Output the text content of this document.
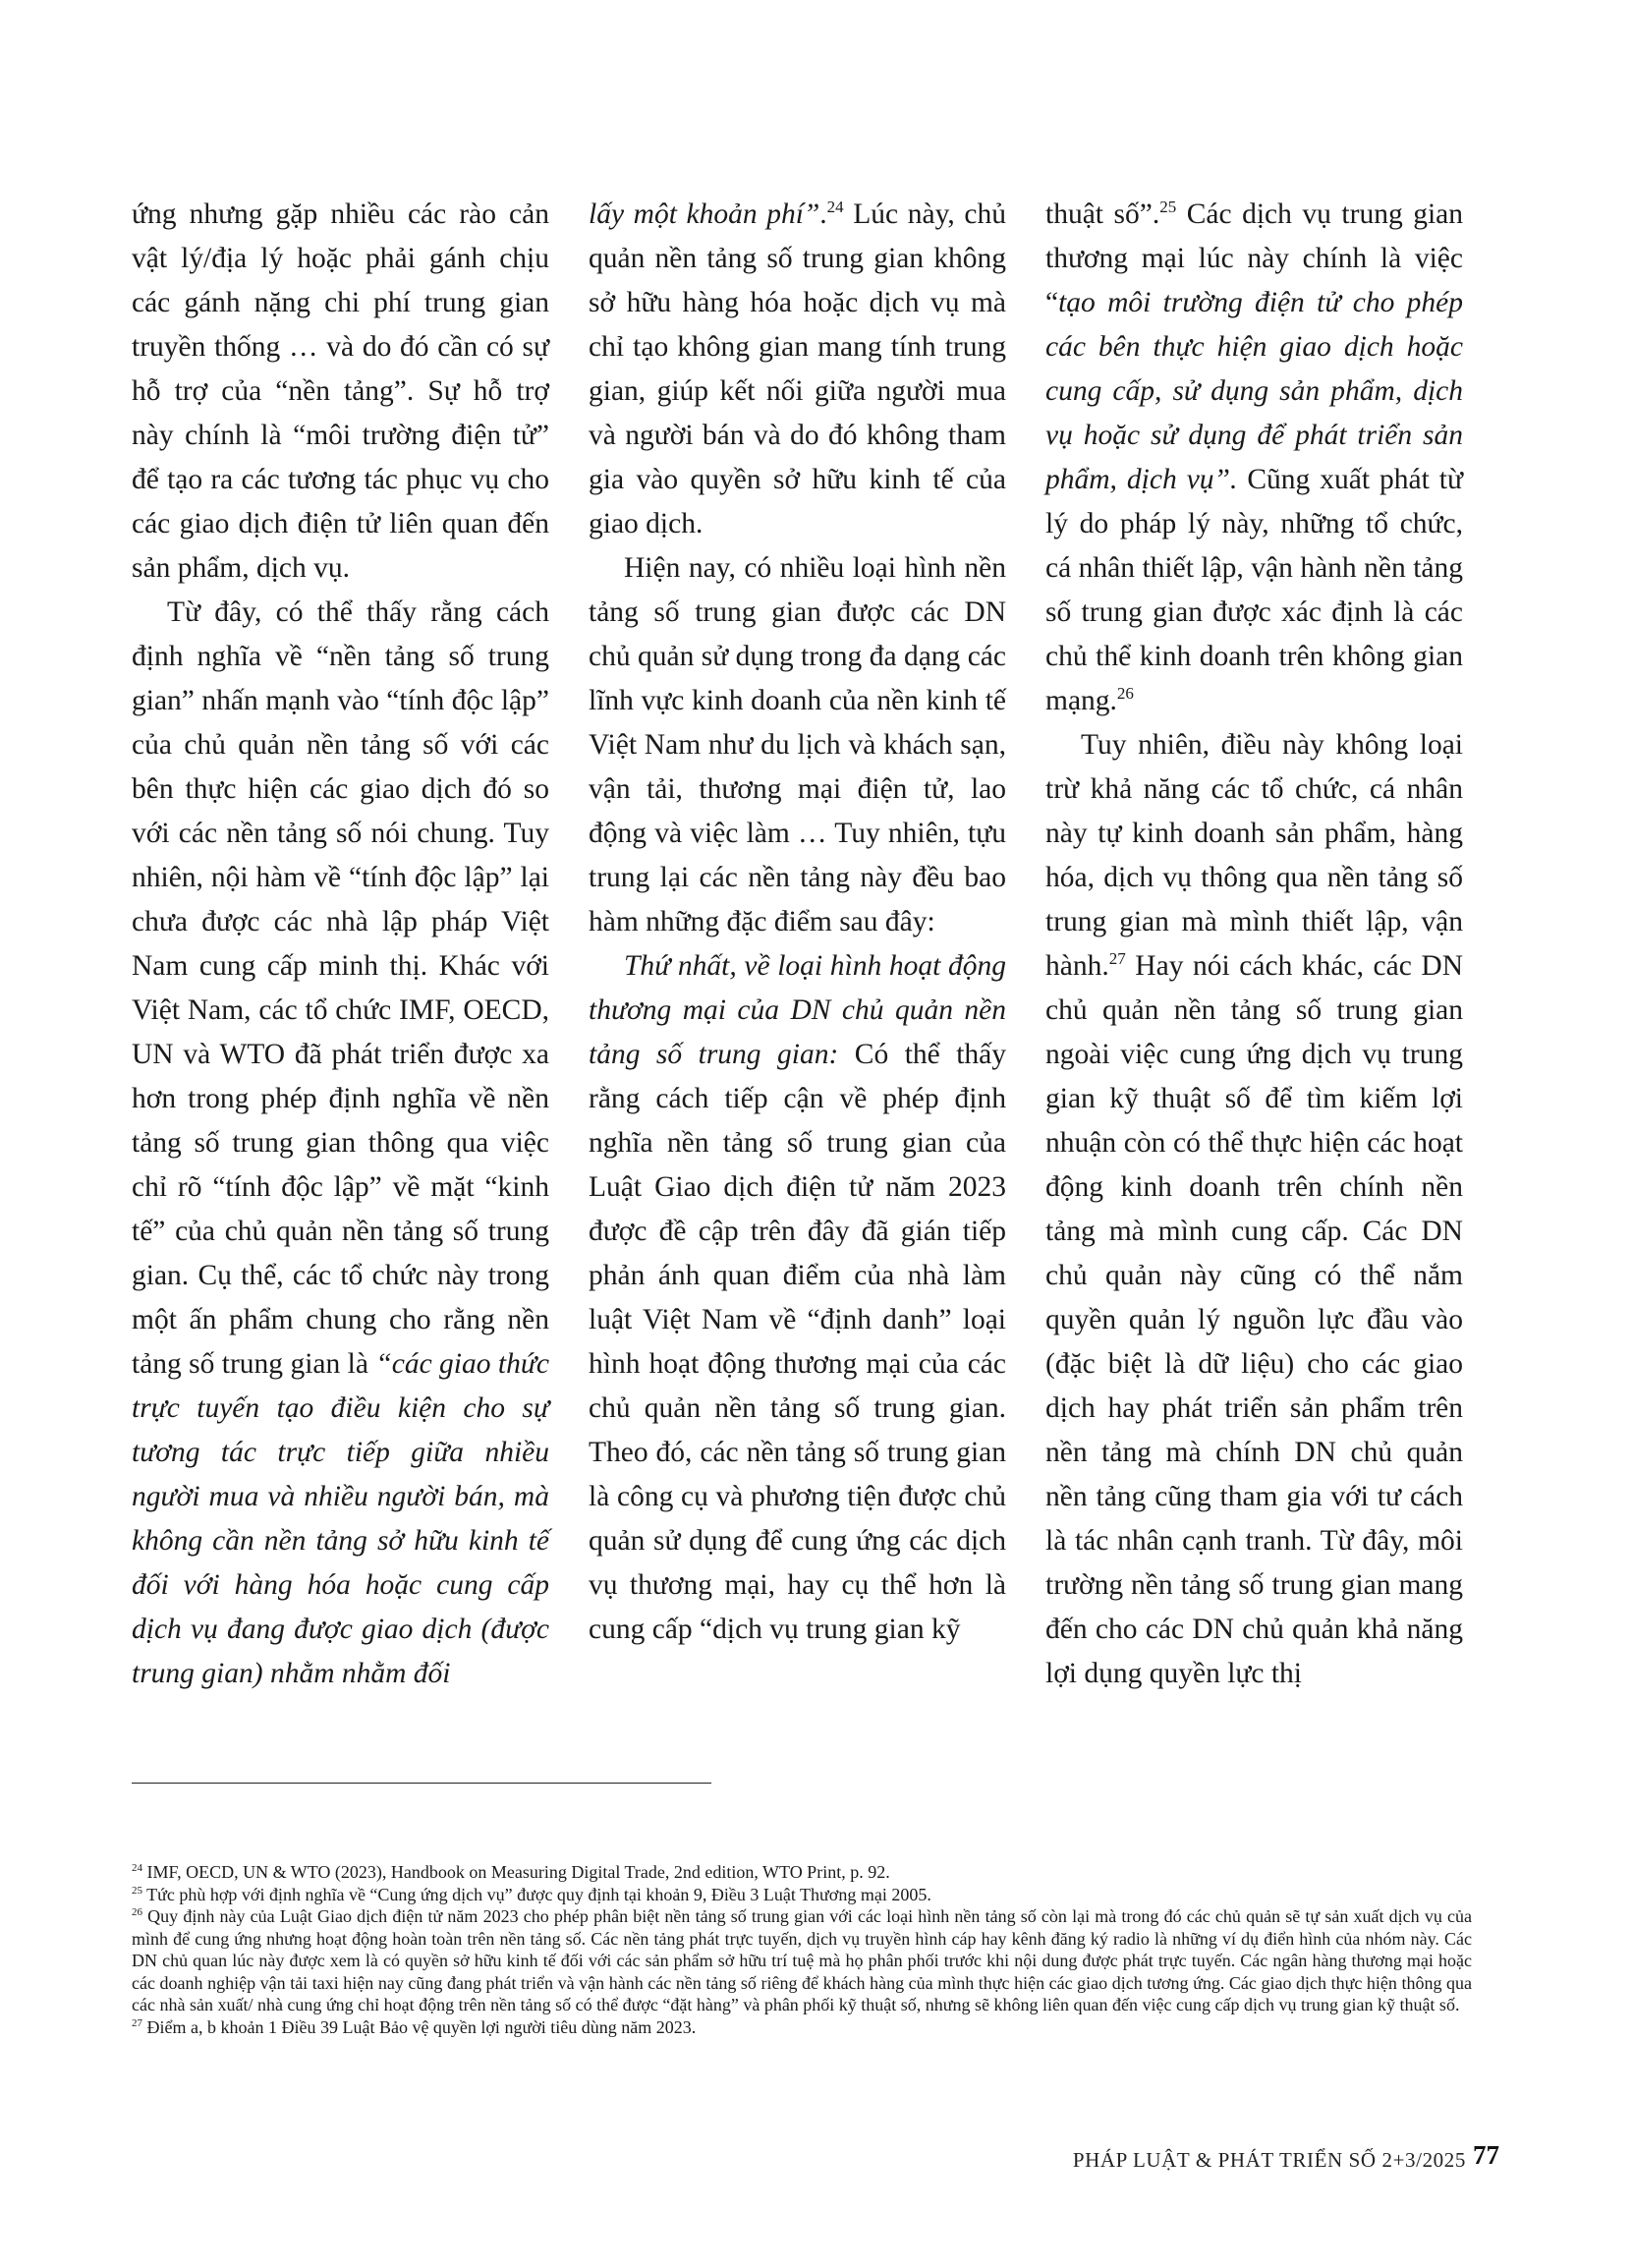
ứng nhưng gặp nhiều các rào cản vật lý/địa lý hoặc phải gánh chịu các gánh nặng chi phí trung gian truyền thống … và do đó cần có sự hỗ trợ của “nền tảng”. Sự hỗ trợ này chính là “môi trường điện tử” để tạo ra các tương tác phục vụ cho các giao dịch điện tử liên quan đến sản phẩm, dịch vụ.

Từ đây, có thể thấy rằng cách định nghĩa về “nền tảng số trung gian” nhấn mạnh vào “tính độc lập” của chủ quản nền tảng số với các bên thực hiện các giao dịch đó so với các nền tảng số nói chung. Tuy nhiên, nội hàm về “tính độc lập” lại chưa được các nhà lập pháp Việt Nam cung cấp minh thị. Khác với Việt Nam, các tổ chức IMF, OECD, UN và WTO đã phát triển được xa hơn trong phép định nghĩa về nền tảng số trung gian thông qua việc chỉ rõ “tính độc lập” về mặt “kinh tế” của chủ quản nền tảng số trung gian. Cụ thể, các tổ chức này trong một ấn phẩm chung cho rằng nền tảng số trung gian là “các giao thức trực tuyến tạo điều kiện cho sự tương tác trực tiếp giữa nhiều người mua và nhiều người bán, mà không cần nền tảng sở hữu kinh tế đối với hàng hóa hoặc cung cấp dịch vụ đang được giao dịch (được trung gian) nhằm nhằm đối

lấy một khoản phí”.$^{24}$ Lúc này, chủ quản nền tảng số trung gian không sở hữu hàng hóa hoặc dịch vụ mà chỉ tạo không gian mang tính trung gian, giúp kết nối giữa người mua và người bán và do đó không tham gia vào quyền sở hữu kinh tế của giao dịch.

Hiện nay, có nhiều loại hình nền tảng số trung gian được các DN chủ quản sử dụng trong đa dạng các lĩnh vực kinh doanh của nền kinh tế Việt Nam như du lịch và khách sạn, vận tải, thương mại điện tử, lao động và việc làm … Tuy nhiên, tựu trung lại các nền tảng này đều bao hàm những đặc điểm sau đây:

Thứ nhất, về loại hình hoạt động thương mại của DN chủ quản nền tảng số trung gian: Có thể thấy rằng cách tiếp cận về phép định nghĩa nền tảng số trung gian của Luật Giao dịch điện tử năm 2023 được đề cập trên đây đã gián tiếp phản ánh quan điểm của nhà làm luật Việt Nam về “định danh” loại hình hoạt động thương mại của các chủ quản nền tảng số trung gian. Theo đó, các nền tảng số trung gian là công cụ và phương tiện được chủ quản sử dụng để cung ứng các dịch vụ thương mại, hay cụ thể hơn là cung cấp “dịch vụ trung gian kỹ

thuật số”.$^{25}$ Các dịch vụ trung gian thương mại lúc này chính là việc “tạo môi trường điện tử cho phép các bên thực hiện giao dịch hoặc cung cấp, sử dụng sản phẩm, dịch vụ hoặc sử dụng để phát triển sản phẩm, dịch vụ”. Cũng xuất phát từ lý do pháp lý này, những tổ chức, cá nhân thiết lập, vận hành nền tảng số trung gian được xác định là các chủ thể kinh doanh trên không gian mạng.$^{26}$

Tuy nhiên, điều này không loại trừ khả năng các tổ chức, cá nhân này tự kinh doanh sản phẩm, hàng hóa, dịch vụ thông qua nền tảng số trung gian mà mình thiết lập, vận hành.$^{27}$ Hay nói cách khác, các DN chủ quản nền tảng số trung gian ngoài việc cung ứng dịch vụ trung gian kỹ thuật số để tìm kiếm lợi nhuận còn có thể thực hiện các hoạt động kinh doanh trên chính nền tảng mà mình cung cấp. Các DN chủ quản này cũng có thể nắm quyền quản lý nguồn lực đầu vào (đặc biệt là dữ liệu) cho các giao dịch hay phát triển sản phẩm trên nền tảng mà chính DN chủ quản nền tảng cũng tham gia với tư cách là tác nhân cạnh tranh. Từ đây, môi trường nền tảng số trung gian mang đến cho các DN chủ quản khả năng lợi dụng quyền lực thị

$^{24}$ IMF, OECD, UN & WTO (2023), Handbook on Measuring Digital Trade, 2nd edition, WTO Print, p. 92.

$^{25}$ Tức phù hợp với định nghĩa về “Cung ứng dịch vụ” được quy định tại khoản 9, Điều 3 Luật Thương mại 2005.

$^{26}$ Quy định này của Luật Giao dịch điện tử năm 2023 cho phép phân biệt nền tảng số trung gian với các loại hình nền tảng số còn lại mà trong đó các chủ quản sẽ tự sản xuất dịch vụ của mình để cung ứng nhưng hoạt động hoàn toàn trên nền tảng số. Các nền tảng phát trực tuyến, dịch vụ truyền hình cáp hay kênh đăng ký radio là những ví dụ điển hình của nhóm này. Các DN chủ quan lúc này được xem là có quyền sở hữu kinh tế đối với các sản phẩm sở hữu trí tuệ mà họ phân phối trước khi nội dung được phát trực tuyến. Các ngân hàng thương mại hoặc các doanh nghiệp vận tải taxi hiện nay cũng đang phát triển và vận hành các nền tảng số riêng để khách hàng của mình thực hiện các giao dịch tương ứng. Các giao dịch thực hiện thông qua các nhà sản xuất/ nhà cung ứng chỉ hoạt động trên nền tảng số có thể được “đặt hàng” và phân phối kỹ thuật số, nhưng sẽ không liên quan đến việc cung cấp dịch vụ trung gian kỹ thuật số.

$^{27}$ Điểm a, b khoản 1 Điều 39 Luật Bảo vệ quyền lợi người tiêu dùng năm 2023.

PHÁP LUẬT & PHÁT TRIỂN SỐ 2+3/2025 77
